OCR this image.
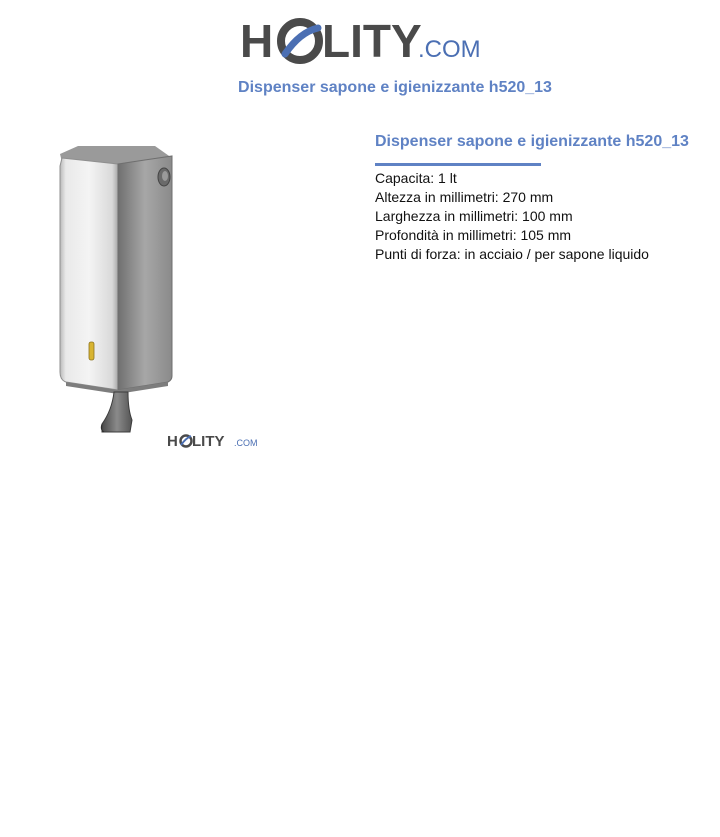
H LITY
.COM
Dispenser sapone e igienizzante h520_13
H LITY .COM
Dispenser sapone e igienizzante h520_13
Capacita: 1 lt
Altezza in millimetri: 270 mm
Larghezza in millimetri: 100 mm
Profondità in millimetri: 105 mm
Punti di forza: in acciaio / per sapone liquido
